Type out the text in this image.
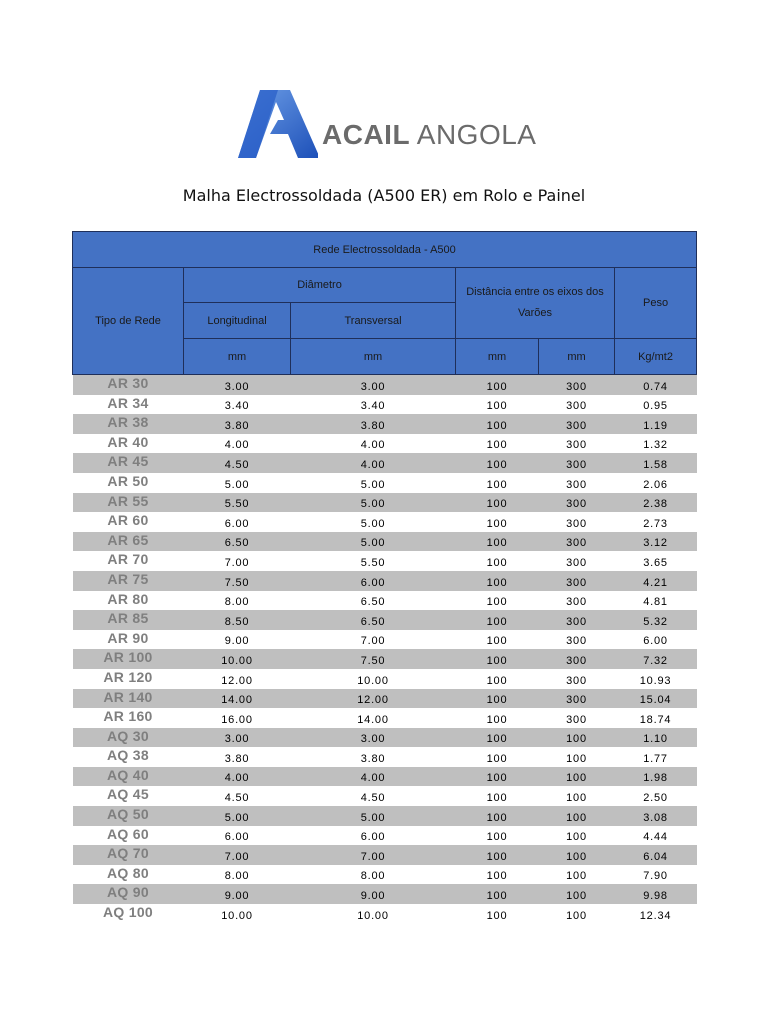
ACAIL ANGOLA
Malha Electrossoldada (A500 ER) em Rolo e Painel
Rede Electrossoldada - A500					
Tipo de Rede	Diâmetro		Distância entre os eixos dos Varões		Peso
	Longitudinal	Transversal			
	mm	mm	mm	mm	Kg/mt2
AR 30	3.00	3.00	100	300	0.74
AR 34	3.40	3.40	100	300	0.95
AR 38	3.80	3.80	100	300	1.19
AR 40	4.00	4.00	100	300	1.32
AR 45	4.50	4.00	100	300	1.58
AR 50	5.00	5.00	100	300	2.06
AR 55	5.50	5.00	100	300	2.38
AR 60	6.00	5.00	100	300	2.73
AR 65	6.50	5.00	100	300	3.12
AR 70	7.00	5.50	100	300	3.65
AR 75	7.50	6.00	100	300	4.21
AR 80	8.00	6.50	100	300	4.81
AR 85	8.50	6.50	100	300	5.32
AR 90	9.00	7.00	100	300	6.00
AR 100	10.00	7.50	100	300	7.32
AR 120	12.00	10.00	100	300	10.93
AR 140	14.00	12.00	100	300	15.04
AR 160	16.00	14.00	100	300	18.74
AQ 30	3.00	3.00	100	100	1.10
AQ 38	3.80	3.80	100	100	1.77
AQ 40	4.00	4.00	100	100	1.98
AQ 45	4.50	4.50	100	100	2.50
AQ 50	5.00	5.00	100	100	3.08
AQ 60	6.00	6.00	100	100	4.44
AQ 70	7.00	7.00	100	100	6.04
AQ 80	8.00	8.00	100	100	7.90
AQ 90	9.00	9.00	100	100	9.98
AQ 100	10.00	10.00	100	100	12.34
